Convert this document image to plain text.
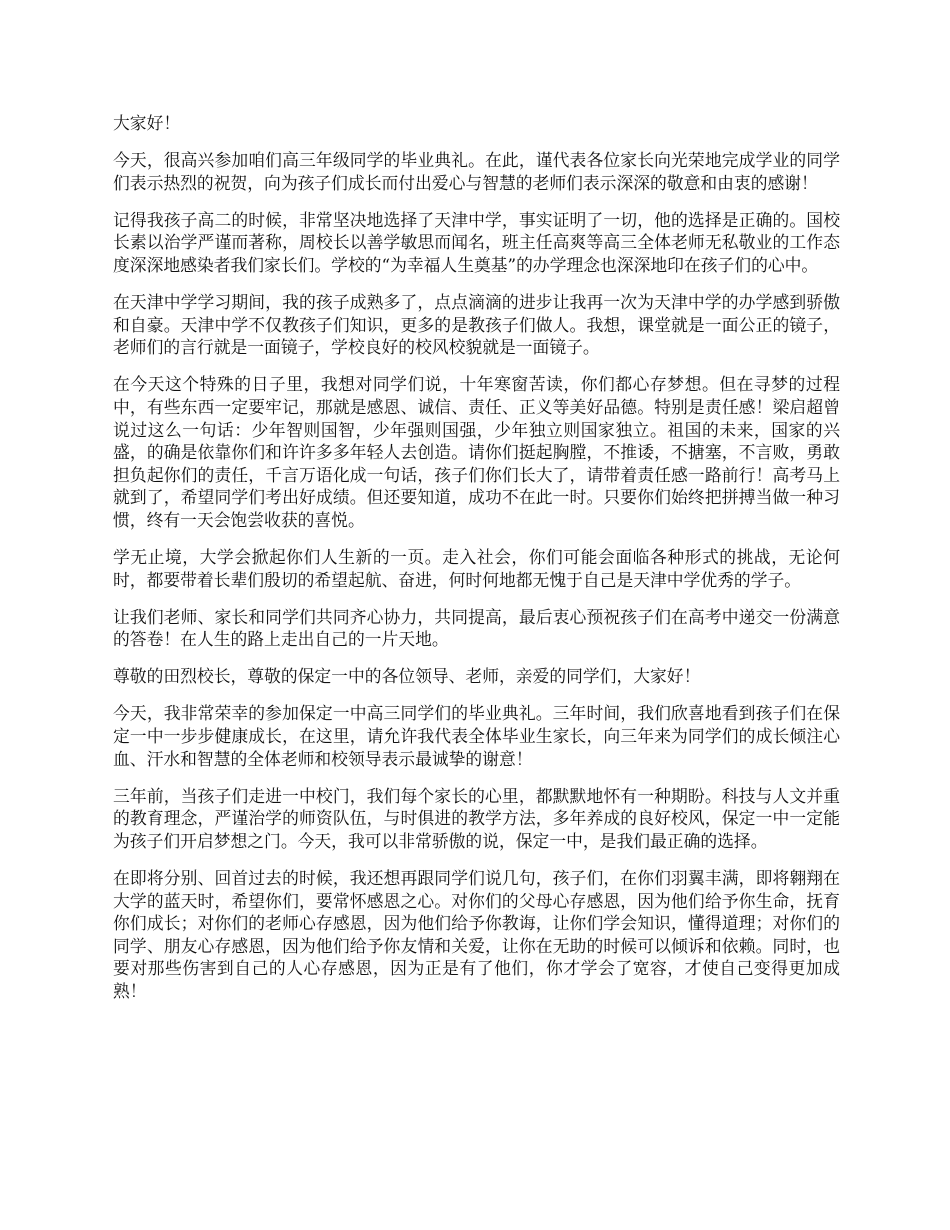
大家好！

今天，很高兴参加咱们高三年级同学的毕业典礼。在此，谨代表各位家长向光荣地完成学业的同学们表示热烈的祝贺，向为孩子们成长而付出爱心与智慧的老师们表示深深的敬意和由衷的感谢！

记得我孩子高二的时候，非常坚决地选择了天津中学，事实证明了一切，他的选择是正确的。国校长素以治学严谨而著称，周校长以善学敏思而闻名，班主任高爽等高三全体老师无私敬业的工作态度深深地感染者我们家长们。学校的“为幸福人生奠基”的办学理念也深深地印在孩子们的心中。

在天津中学学习期间，我的孩子成熟多了，点点滴滴的进步让我再一次为天津中学的办学感到骄傲和自豪。天津中学不仅教孩子们知识，更多的是教孩子们做人。我想，课堂就是一面公正的镜子，老师们的言行就是一面镜子，学校良好的校风校貌就是一面镜子。

在今天这个特殊的日子里，我想对同学们说，十年寒窗苦读，你们都心存梦想。但在寻梦的过程中，有些东西一定要牢记，那就是感恩、诚信、责任、正义等美好品德。特别是责任感！梁启超曾说过这么一句话：少年智则国智，少年强则国强，少年独立则国家独立。祖国的未来，国家的兴盛，的确是依靠你们和许许多多年轻人去创造。请你们挺起胸膛，不推诿，不搪塞，不言败，勇敢担负起你们的责任，千言万语化成一句话，孩子们你们长大了，请带着责任感一路前行！高考马上就到了，希望同学们考出好成绩。但还要知道，成功不在此一时。只要你们始终把拼搏当做一种习惯，终有一天会饱尝收获的喜悦。

学无止境，大学会掀起你们人生新的一页。走入社会，你们可能会面临各种形式的挑战，无论何时，都要带着长辈们殷切的希望起航、奋进，何时何地都无愧于自己是天津中学优秀的学子。

让我们老师、家长和同学们共同齐心协力，共同提高，最后衷心预祝孩子们在高考中递交一份满意的答卷！在人生的路上走出自己的一片天地。

尊敬的田烈校长，尊敬的保定一中的各位领导、老师，亲爱的同学们，大家好！

今天，我非常荣幸的参加保定一中高三同学们的毕业典礼。三年时间，我们欣喜地看到孩子们在保定一中一步步健康成长，在这里，请允许我代表全体毕业生家长，向三年来为同学们的成长倾注心血、汗水和智慧的全体老师和校领导表示最诚挚的谢意！

三年前，当孩子们走进一中校门，我们每个家长的心里，都默默地怀有一种期盼。科技与人文并重的教育理念，严谨治学的师资队伍，与时俱进的教学方法，多年养成的良好校风，保定一中一定能为孩子们开启梦想之门。今天，我可以非常骄傲的说，保定一中，是我们最正确的选择。

在即将分别、回首过去的时候，我还想再跟同学们说几句，孩子们，在你们羽翼丰满，即将翱翔在大学的蓝天时，希望你们，要常怀感恩之心。对你们的父母心存感恩，因为他们给予你生命，抚育你们成长；对你们的老师心存感恩，因为他们给予你教诲，让你们学会知识，懂得道理；对你们的同学、朋友心存感恩，因为他们给予你友情和关爱，让你在无助的时候可以倾诉和依赖。同时，也要对那些伤害到自己的人心存感恩，因为正是有了他们，你才学会了宽容，才使自己变得更加成熟！
